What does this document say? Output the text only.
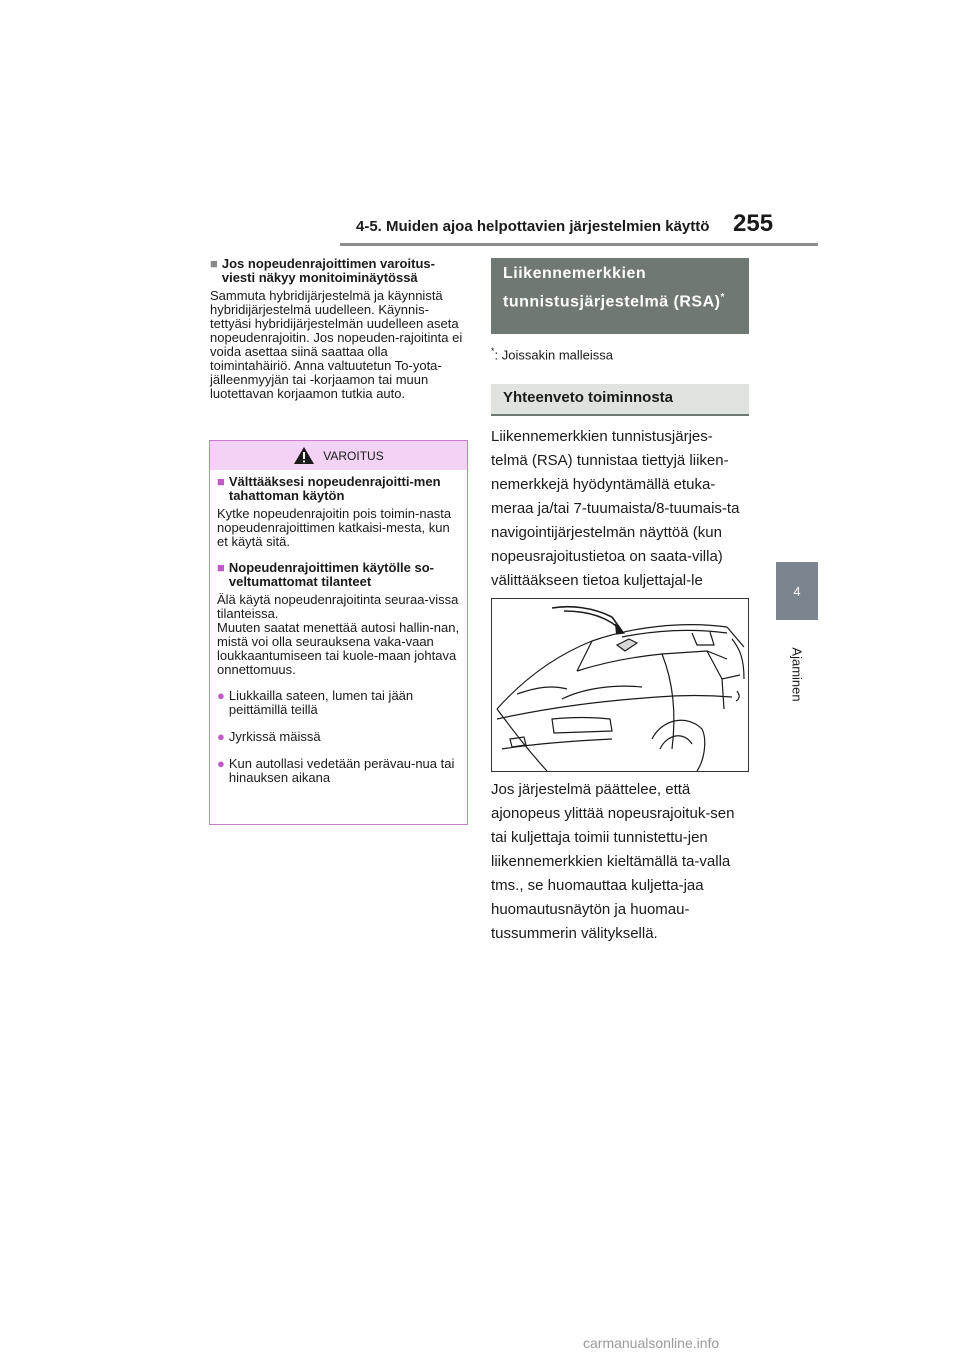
4-5. Muiden ajoa helpottavien järjestelmien käyttö 255
4
Ajaminen
■ Jos nopeudenrajoittimen varoitus-viesti näkyy monitoiminäytössä
Sammuta hybridijärjestelmä ja käynnistä hybridijärjestelmä uudelleen. Käynnis-tettyäsi hybridijärjestelmän uudelleen aseta nopeudenrajoitin. Jos nopeuden-rajoitinta ei voida asettaa siinä saattaa olla toimintahäiriö. Anna valtuutetun To-yota-jälleenmyyjän tai -korjaamon tai muun luotettavan korjaamon tutkia auto.
VAROITUS
■ Välttääksesi nopeudenrajoitti-men tahattoman käytön
Kytke nopeudenrajoitin pois toimin-nasta nopeudenrajoittimen katkaisi-mesta, kun et käytä sitä.
■ Nopeudenrajoittimen käytölle so-veltumattomat tilanteet
Älä käytä nopeudenrajoitinta seuraa-vissa tilanteissa.
Muuten saatat menettää autosi hallin-nan, mistä voi olla seurauksena vaka-vaan loukkaantumiseen tai kuole-maan johtava onnettomuus.
● Liukkailla sateen, lumen tai jään peittämillä teillä
● Jyrkissä mäissä
● Kun autollasi vedetään perävau-nua tai hinauksen aikana
Liikennemerkkien tunnistusjärjestelmä (RSA)*
*: Joissakin malleissa
Yhteenveto toiminnosta
Liikennemerkkien tunnistusjärjes-telmä (RSA) tunnistaa tiettyjä liiken-nemerkkejä hyödyntämällä etuka-meraa ja/tai 7-tuumaista/8-tuumais-ta navigointijärjestelmän näyttöä (kun nopeusrajoitustietoa on saata-villa) välittääkseen tietoa kuljettajal-le
Jos järjestelmä päättelee, että ajonopeus ylittää nopeusrajoituk-sen tai kuljettaja toimii tunnistettu-jen liikennemerkkien kieltämällä ta-valla tms., se huomauttaa kuljetta-jaa huomautusnäytön ja huomau-tussummerin välityksellä.
carmanualsonline.info
